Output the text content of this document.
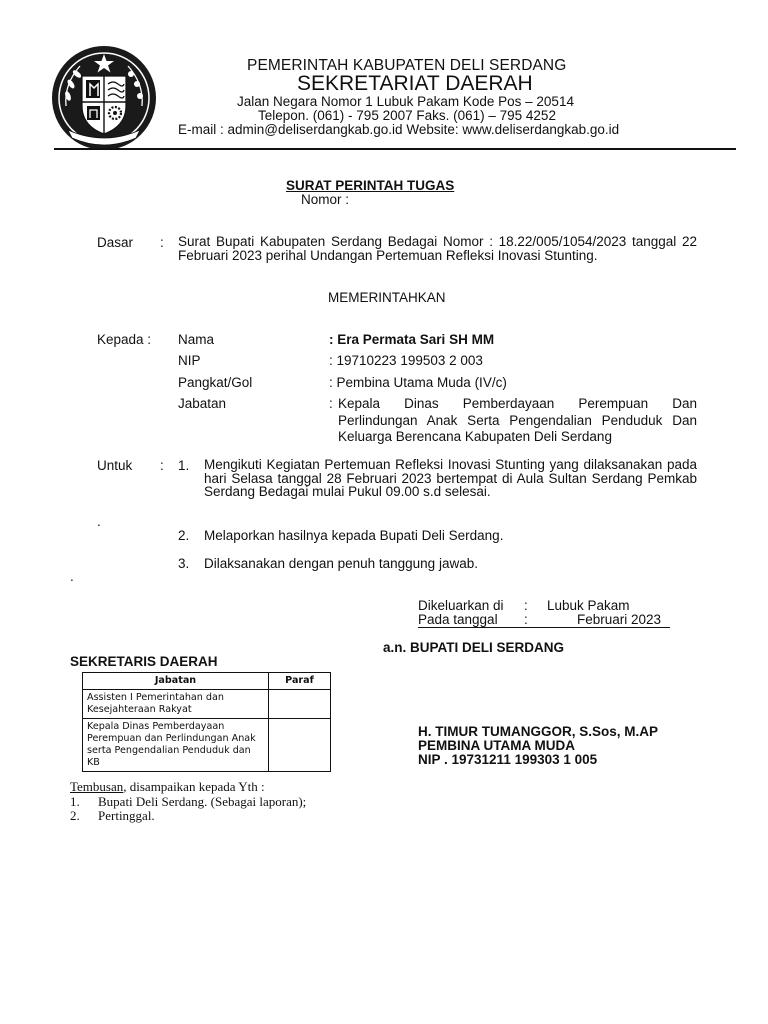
PEMERINTAH KABUPATEN DELI SERDANG
SEKRETARIAT DAERAH
Jalan Negara Nomor 1 Lubuk Pakam Kode Pos – 20514
Telepon. (061) - 795 2007 Faks. (061) – 795 4252
E-mail : admin@deliserdangkab.go.id Website: www.deliserdangkab.go.id
SURAT PERINTAH TUGAS
Nomor :
Dasar : Surat Bupati Kabupaten Serdang Bedagai Nomor : 18.22/005/1054/2023 tanggal 22 Februari 2023 perihal Undangan Pertemuan Refleksi Inovasi Stunting.
MEMERINTAHKAN
Kepada : Nama	: Era Permata Sari SH MM
NIP	: 19710223 199503 2 003
Pangkat/Gol	: Pembina Utama Muda (IV/c)
Jabatan	: Kepala Dinas Pemberdayaan Perempuan Dan Perlindungan Anak Serta Pengendalian Penduduk Dan Keluarga Berencana Kabupaten Deli Serdang
Untuk : 1. Mengikuti Kegiatan Pertemuan Refleksi Inovasi Stunting yang dilaksanakan pada hari Selasa tanggal 28 Februari 2023 bertempat di Aula Sultan Serdang Pemkab Serdang Bedagai mulai Pukul 09.00 s.d selesai.
.
2. Melaporkan hasilnya kepada Bupati Deli Serdang.
3. Dilaksanakan dengan penuh tanggung jawab.
.
Dikeluarkan di : Lubuk Pakam
Pada tanggal :	Februari 2023
a.n. BUPATI DELI SERDANG
SEKRETARIS DAERAH
Jabatan	Paraf
Assisten I Pemerintahan dan Kesejahteraan Rakyat	
Kepala Dinas Pemberdayaan Perempuan dan Perlindungan Anak serta Pengendalian Penduduk dan KB	
H. TIMUR TUMANGGOR, S.Sos, M.AP
PEMBINA UTAMA MUDA
NIP . 19731211 199303 1 005
Tembusan, disampaikan kepada Yth :
1. Bupati Deli Serdang. (Sebagai laporan);
2. Pertinggal.
